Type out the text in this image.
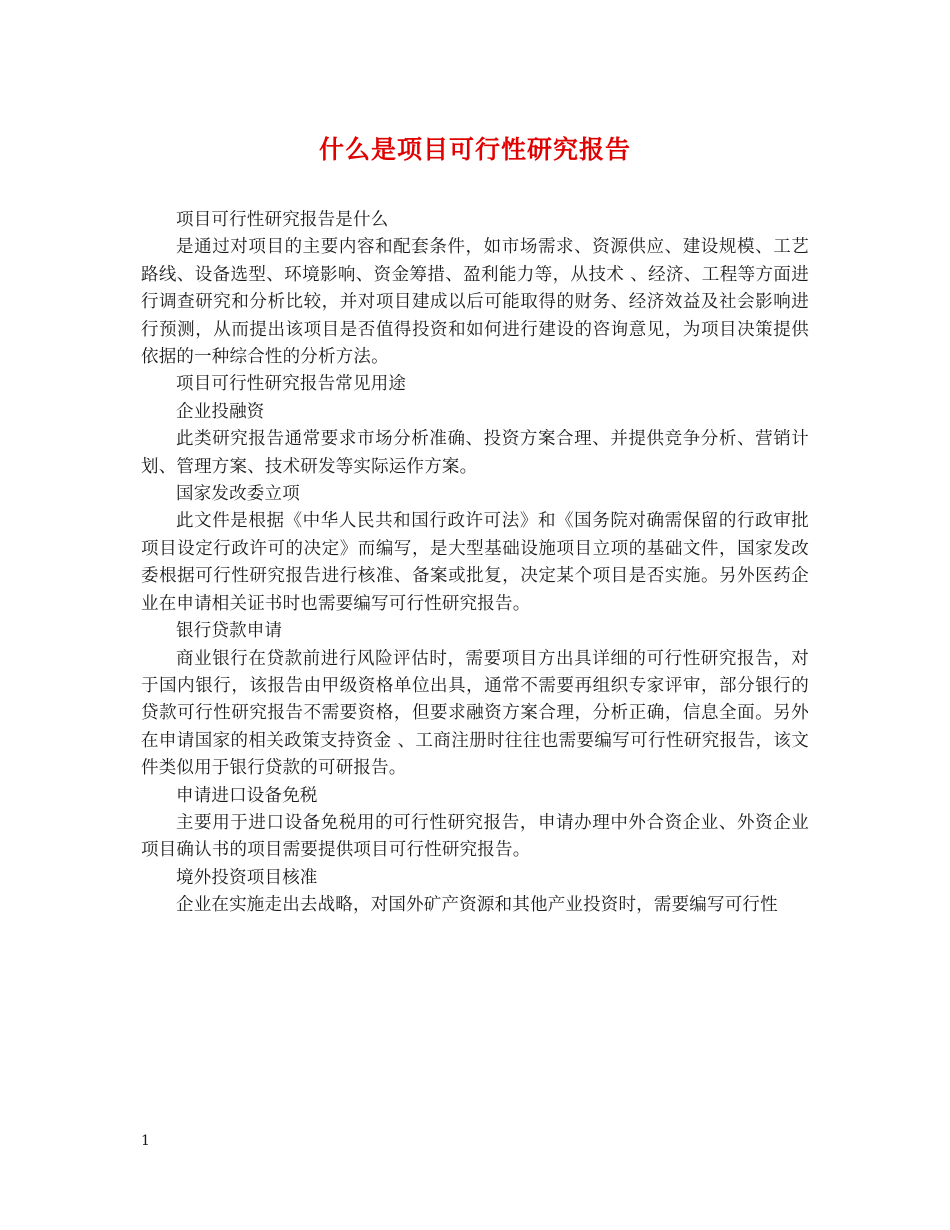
什么是项目可行性研究报告

项目可行性研究报告是什么

是通过对项目的主要内容和配套条件，如市场需求、资源供应、建设规模、工艺路线、设备选型、环境影响、资金筹措、盈利能力等，从技术 、经济、工程等方面进行调查研究和分析比较，并对项目建成以后可能取得的财务、经济效益及社会影响进行预测，从而提出该项目是否值得投资和如何进行建设的咨询意见，为项目决策提供依据的一种综合性的分析方法。

项目可行性研究报告常见用途

企业投融资

此类研究报告通常要求市场分析准确、投资方案合理、并提供竞争分析、营销计划、管理方案、技术研发等实际运作方案。

国家发改委立项

此文件是根据《中华人民共和国行政许可法》和《国务院对确需保留的行政审批项目设定行政许可的决定》而编写，是大型基础设施项目立项的基础文件，国家发改委根据可行性研究报告进行核准、备案或批复，决定某个项目是否实施。另外医药企业在申请相关证书时也需要编写可行性研究报告。

银行贷款申请

商业银行在贷款前进行风险评估时，需要项目方出具详细的可行性研究报告，对于国内银行，该报告由甲级资格单位出具，通常不需要再组织专家评审，部分银行的贷款可行性研究报告不需要资格，但要求融资方案合理，分析正确，信息全面。另外在申请国家的相关政策支持资金 、工商注册时往往也需要编写可行性研究报告，该文件类似用于银行贷款的可研报告。

申请进口设备免税

主要用于进口设备免税用的可行性研究报告，申请办理中外合资企业、外资企业项目确认书的项目需要提供项目可行性研究报告。

境外投资项目核准

企业在实施走出去战略，对国外矿产资源和其他产业投资时，需要编写可行性

1
